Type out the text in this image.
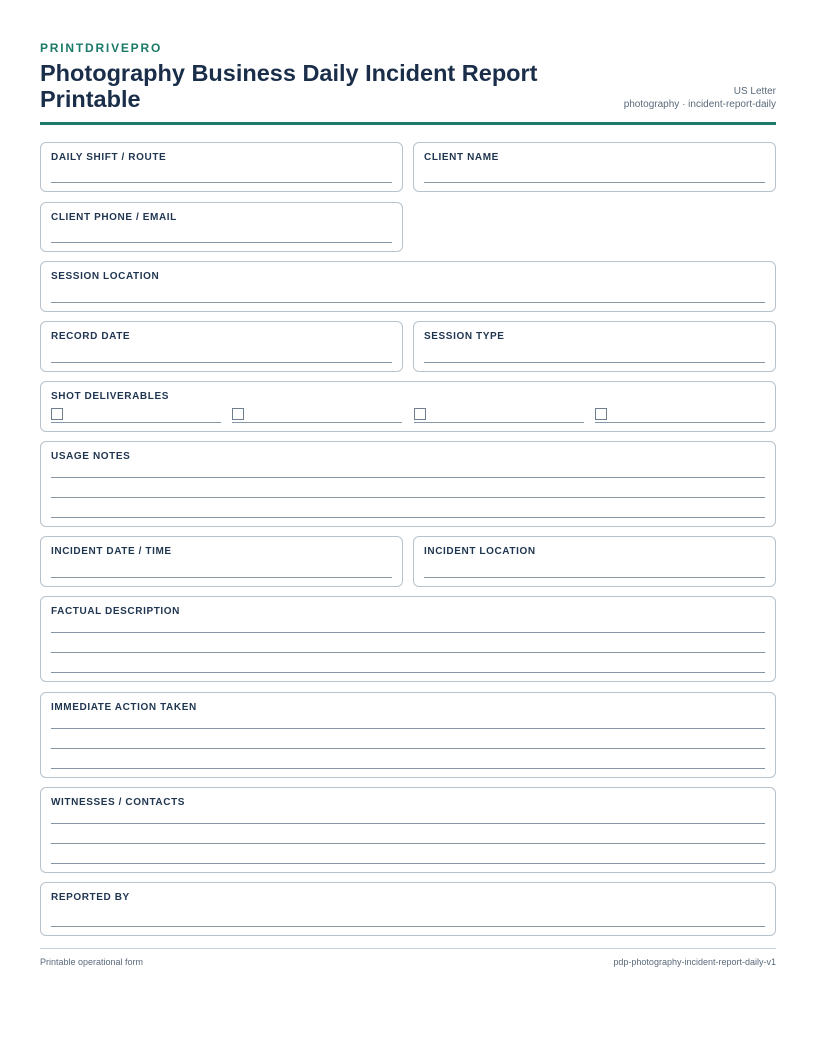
PRINTDRIVEPRO
Photography Business Daily Incident Report Printable	US Letter
photography · incident-report-daily
DAILY SHIFT / ROUTE	CLIENT NAME
CLIENT PHONE / EMAIL
SESSION LOCATION
RECORD DATE	SESSION TYPE
SHOT DELIVERABLES
USAGE NOTES
INCIDENT DATE / TIME	INCIDENT LOCATION
FACTUAL DESCRIPTION
IMMEDIATE ACTION TAKEN
WITNESSES / CONTACTS
REPORTED BY
Printable operational form	pdp-photography-incident-report-daily-v1
